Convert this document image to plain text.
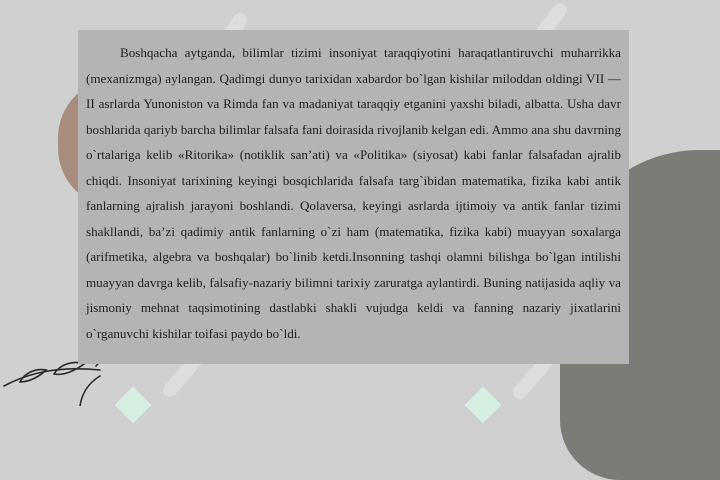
Boshqacha aytganda, bilimlar tizimi insoniyat taraqqiyotini haraqatlantiruvchi muharrikka (mexanizmga) aylangan. Qadimgi dunyo tarixidan xabardor bo`lgan kishilar miloddan oldingi VII — II asrlarda Yunoniston va Rimda fan va madaniyat taraqqiy etganini yaxshi biladi, albatta. Usha davr boshlarida qariyb barcha bilimlar falsafa fani doirasida rivojlanib kelgan edi. Ammo ana shu davrning o`rtalariga kelib «Ritorika» (notiklik san’ati) va «Politika» (siyosat) kabi fanlar falsafadan ajralib chiqdi. Insoniyat tarixining keyingi bosqichlarida falsafa targ`ibidan matematika, fizika kabi antik fanlarning ajralish jarayoni boshlandi. Qolaversa, keyingi asrlarda ijtimoiy va antik fanlar tizimi shakllandi, ba’zi qadimiy antik fanlarning o`zi ham (matematika, fizika kabi) muayyan soxalarga (arifmetika, algebra va boshqalar) bo`linib ketdi.Insonning tashqi olamni bilishga bo`lgan intilishi muayyan davrga kelib, falsafiy-nazariy bilimni tarixiy zaruratga aylantirdi. Buning natijasida aqliy va jismoniy mehnat taqsimotining dastlabki shakli vujudga keldi va fanning nazariy jixatlarini o`rganuvchi kishilar toifasi paydo bo`ldi.
